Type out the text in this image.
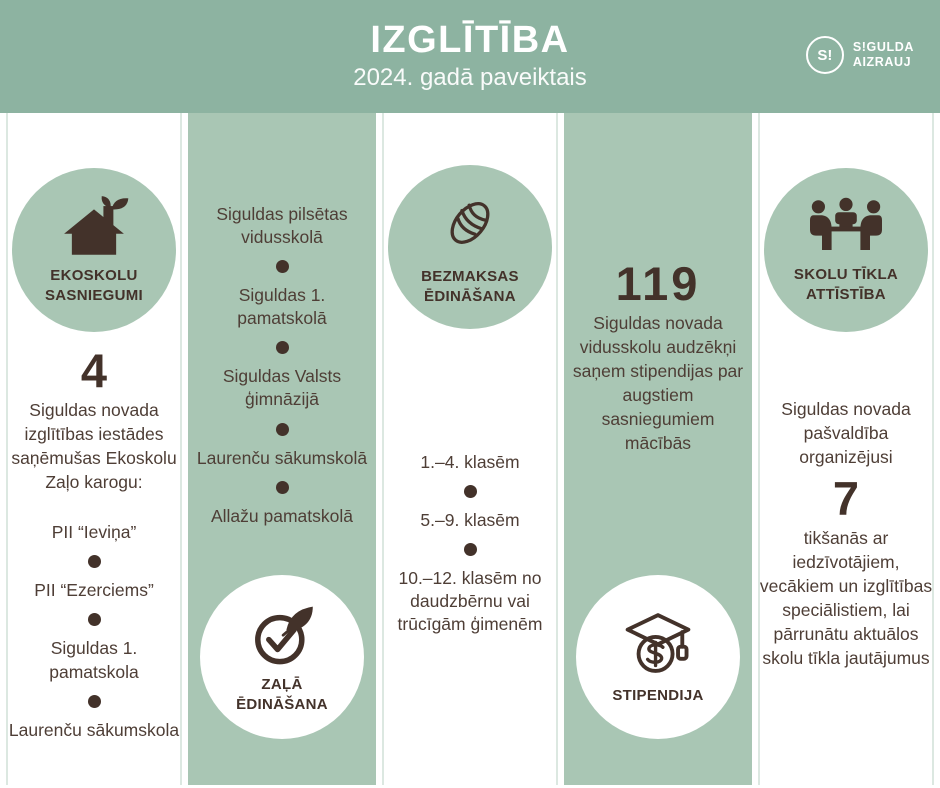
IZGLĪTĪBA
2024. gadā paveiktais
S!	S!GULDA
AIZRAUJ
EKOSKOLU
SASNIEGUMI
4
Siguldas novada izglītības iestādes saņēmušas Ekoskolu Zaļo karogu:
PII “Ieviņa”
PII “Ezerciems”
Siguldas 1. pamatskola
Laurenču sākumskola
Siguldas pilsētas vidusskolā
Siguldas 1. pamatskolā
Siguldas Valsts ģimnāzijā
Laurenču sākumskolā
Allažu pamatskolā
ZAĻĀ
ĒDINĀŠANA
BEZMAKSAS
ĒDINĀŠANA
1.–4. klasēm
5.–9. klasēm
10.–12. klasēm no daudzbērnu vai trūcīgām ģimenēm
119
Siguldas novada vidusskolu audzēkņi saņem stipendijas par augstiem sasniegumiem mācībās
STIPENDIJA
SKOLU TĪKLA
ATTĪSTĪBA
Siguldas novada pašvaldība organizējusi
7
tikšanās ar iedzīvotājiem, vecākiem un izglītības speciālistiem, lai pārrunātu aktuālos skolu tīkla jautājumus
